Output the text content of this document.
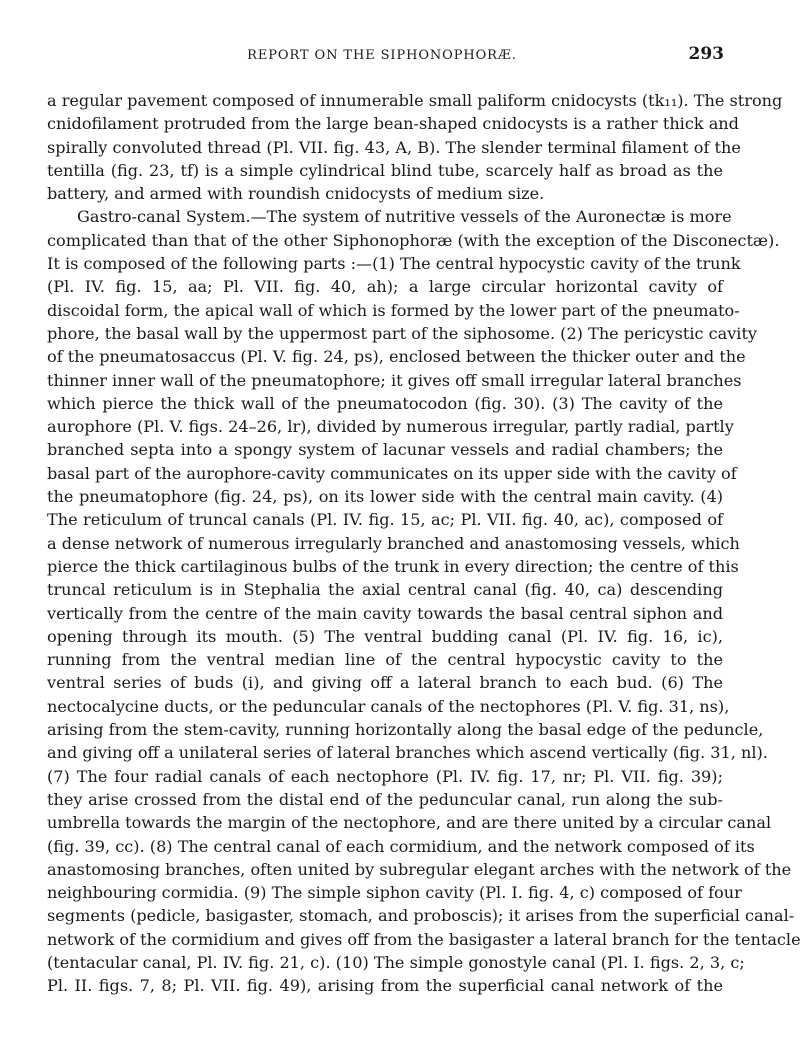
REPORT ON THE SIPHONOPHORÆ.	293
a regular pavement composed of innumerable small paliform cnidocysts (tk₁₁). The strong
cnidofilament protruded from the large bean-shaped cnidocysts is a rather thick and
spirally convoluted thread (Pl. VII. fig. 43, A, B). The slender terminal filament of the
tentilla (fig. 23, tf) is a simple cylindrical blind tube, scarcely half as broad as the
battery, and armed with roundish cnidocysts of medium size.
Gastro-canal System.—The system of nutritive vessels of the Auronectæ is more
complicated than that of the other Siphonophoræ (with the exception of the Disconectæ).
It is composed of the following parts :—(1) The central hypocystic cavity of the trunk
(Pl. IV. fig. 15, aa; Pl. VII. fig. 40, ah); a large circular horizontal cavity of
discoidal form, the apical wall of which is formed by the lower part of the pneumato-
phore, the basal wall by the uppermost part of the siphosome. (2) The pericystic cavity
of the pneumatosaccus (Pl. V. fig. 24, ps), enclosed between the thicker outer and the
thinner inner wall of the pneumatophore; it gives off small irregular lateral branches
which pierce the thick wall of the pneumatocodon (fig. 30). (3) The cavity of the
aurophore (Pl. V. figs. 24–26, lr), divided by numerous irregular, partly radial, partly
branched septa into a spongy system of lacunar vessels and radial chambers; the
basal part of the aurophore-cavity communicates on its upper side with the cavity of
the pneumatophore (fig. 24, ps), on its lower side with the central main cavity. (4)
The reticulum of truncal canals (Pl. IV. fig. 15, ac; Pl. VII. fig. 40, ac), composed of
a dense network of numerous irregularly branched and anastomosing vessels, which
pierce the thick cartilaginous bulbs of the trunk in every direction; the centre of this
truncal reticulum is in Stephalia the axial central canal (fig. 40, ca) descending
vertically from the centre of the main cavity towards the basal central siphon and
opening through its mouth. (5) The ventral budding canal (Pl. IV. fig. 16, ic),
running from the ventral median line of the central hypocystic cavity to the
ventral series of buds (i), and giving off a lateral branch to each bud. (6) The
nectocalycine ducts, or the peduncular canals of the nectophores (Pl. V. fig. 31, ns),
arising from the stem-cavity, running horizontally along the basal edge of the peduncle,
and giving off a unilateral series of lateral branches which ascend vertically (fig. 31, nl).
(7) The four radial canals of each nectophore (Pl. IV. fig. 17, nr; Pl. VII. fig. 39);
they arise crossed from the distal end of the peduncular canal, run along the sub-
umbrella towards the margin of the nectophore, and are there united by a circular canal
(fig. 39, cc). (8) The central canal of each cormidium, and the network composed of its
anastomosing branches, often united by subregular elegant arches with the network of the
neighbouring cormidia. (9) The simple siphon cavity (Pl. I. fig. 4, c) composed of four
segments (pedicle, basigaster, stomach, and proboscis); it arises from the superficial canal-
network of the cormidium and gives off from the basigaster a lateral branch for the tentacle
(tentacular canal, Pl. IV. fig. 21, c). (10) The simple gonostyle canal (Pl. I. figs. 2, 3, c;
Pl. II. figs. 7, 8; Pl. VII. fig. 49), arising from the superficial canal network of the
